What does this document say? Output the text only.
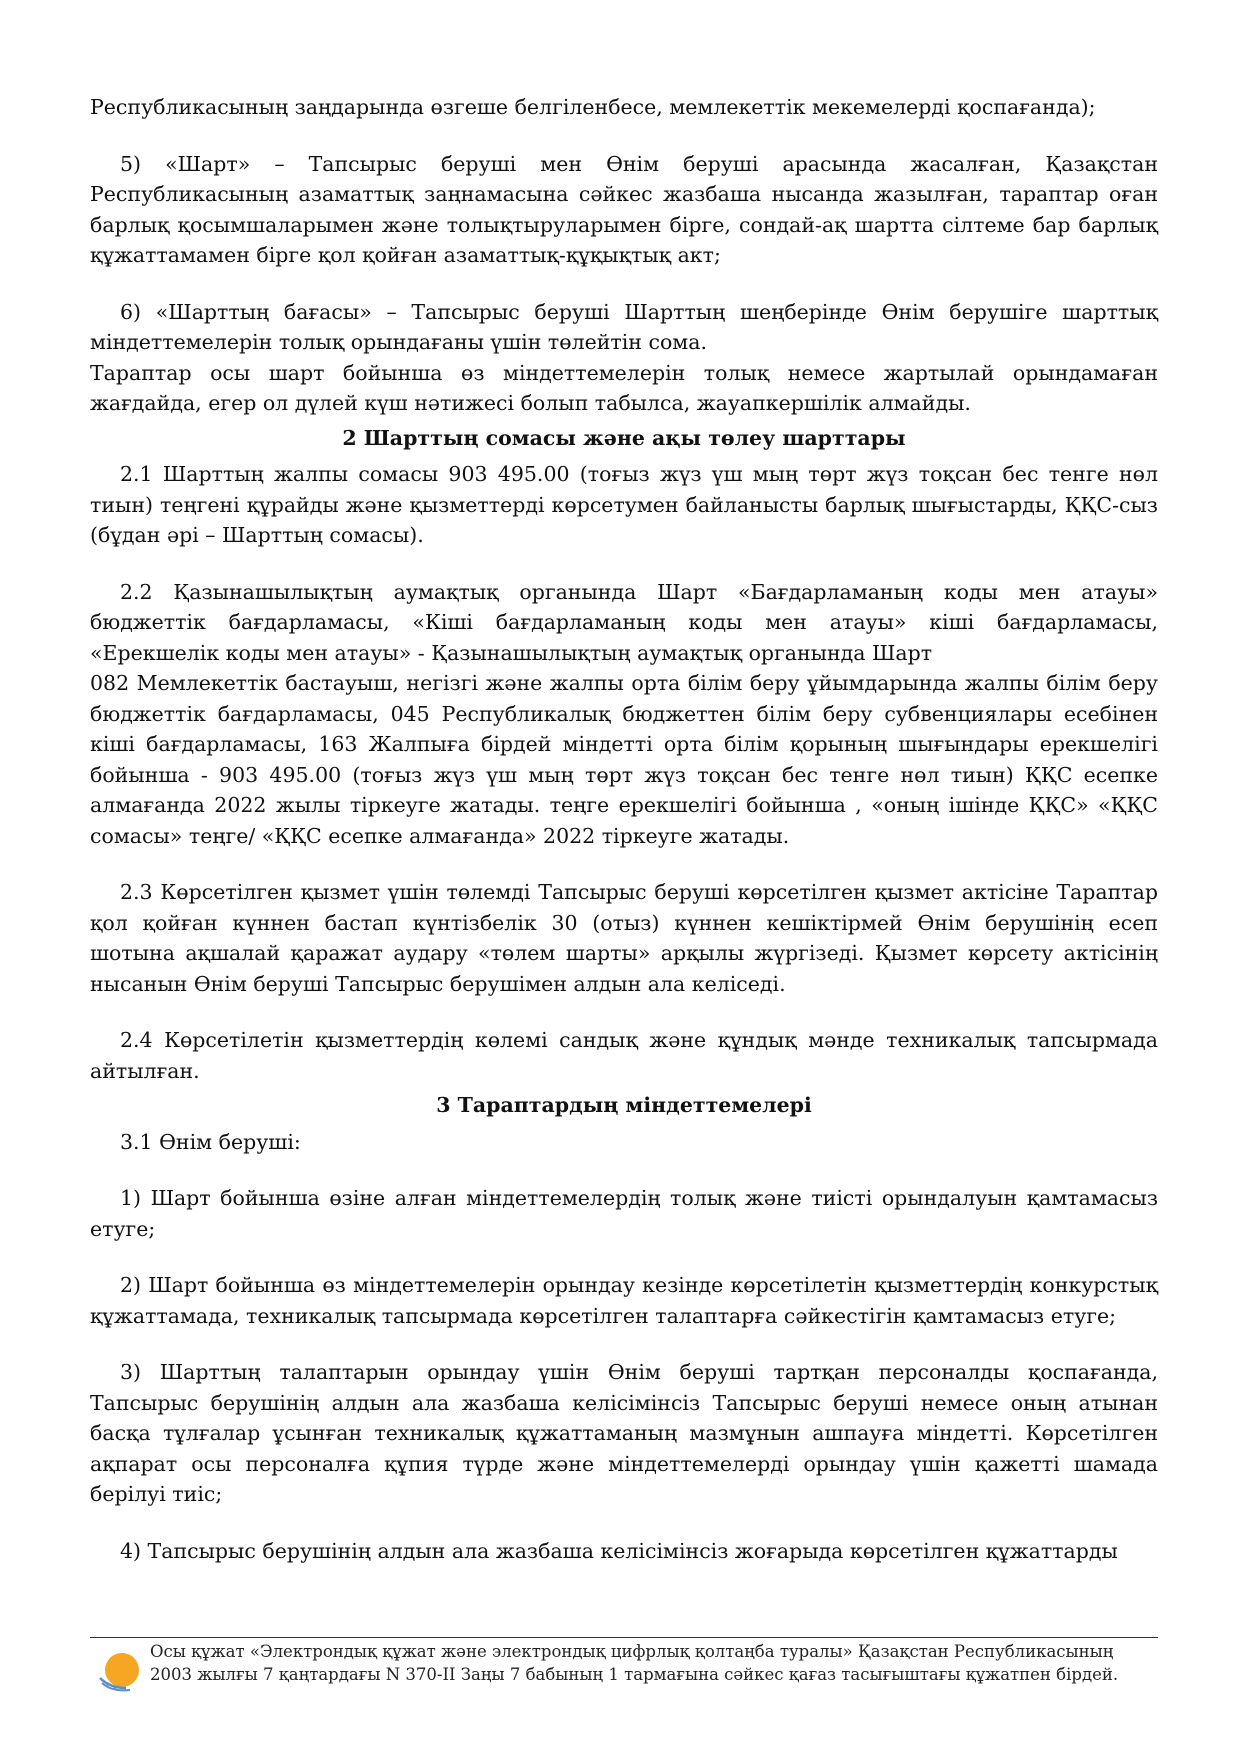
Республикасының заңдарында өзгеше белгіленбесе, мемлекеттік мекемелерді қоспағанда);

5) «Шарт» – Тапсырыс беруші мен Өнім беруші арасында жасалған, Қазақстан Республикасының азаматтық заңнамасына сәйкес жазбаша нысанда жазылған, тараптар оған барлық қосымшаларымен және толықтыруларымен бірге, сондай-ақ шартта сілтеме бар барлық құжаттамамен бірге қол қойған азаматтық-құқықтық акт;

6) «Шарттың бағасы» – Тапсырыс беруші Шарттың шеңберінде Өнім берушіге шарттық міндеттемелерін толық орындағаны үшін төлейтін сома.

Тараптар осы шарт бойынша өз міндеттемелерін толық немесе жартылай орындамаған жағдайда, егер ол дүлей күш нәтижесі болып табылса, жауапкершілік алмайды.

2 Шарттың сомасы және ақы төлеу шарттары

2.1 Шарттың жалпы сомасы 903 495.00 (тоғыз жүз үш мың төрт жүз тоқсан бес тенге нөл тиын) теңгені құрайды және қызметтерді көрсетумен байланысты барлық шығыстарды, ҚҚС-сыз (бұдан әрі – Шарттың сомасы).

2.2 Қазынашылықтың аумақтық органында Шарт «Бағдарламаның коды мен атауы» бюджеттік бағдарламасы, «Кіші бағдарламаның коды мен атауы» кіші бағдарламасы, «Ерекшелік коды мен атауы» - Қазынашылықтың аумақтық органында Шарт

082 Мемлекеттік бастауыш, негізгі және жалпы орта білім беру ұйымдарында жалпы білім беру бюджеттік бағдарламасы, 045 Республикалық бюджеттен білім беру субвенциялары есебінен кіші бағдарламасы, 163 Жалпыға бірдей міндетті орта білім қорының шығындары ерекшелігі бойынша - 903 495.00 (тоғыз жүз үш мың төрт жүз тоқсан бес тенге нөл тиын) ҚҚС есепке алмағанда 2022 жылы тіркеуге жатады. теңге ерекшелігі бойынша , «оның ішінде ҚҚС» «ҚҚС сомасы» теңге/ «ҚҚС есепке алмағанда» 2022 тіркеуге жатады.

2.3 Көрсетілген қызмет үшін төлемді Тапсырыс беруші көрсетілген қызмет актісіне Тараптар қол қойған күннен бастап күнтізбелік 30 (отыз) күннен кешіктірмей Өнім берушінің есеп шотына ақшалай қаражат аудару «төлем шарты» арқылы жүргізеді. Қызмет көрсету актісінің нысанын Өнім беруші Тапсырыс берушімен алдын ала келіседі.

2.4 Көрсетілетін қызметтердің көлемі сандық және құндық мәнде техникалық тапсырмада айтылған.

3 Тараптардың міндеттемелері

3.1 Өнім беруші:

1) Шарт бойынша өзіне алған міндеттемелердің толық және тиісті орындалуын қамтамасыз етуге;

2) Шарт бойынша өз міндеттемелерін орындау кезінде көрсетілетін қызметтердің конкурстық құжаттамада, техникалық тапсырмада көрсетілген талаптарға сәйкестігін қамтамасыз етуге;

3) Шарттың талаптарын орындау үшін Өнім беруші тартқан персоналды қоспағанда, Тапсырыс берушінің алдын ала жазбаша келісімінсіз Тапсырыс беруші немесе оның атынан басқа тұлғалар ұсынған техникалық құжаттаманың мазмұнын ашпауға міндетті. Көрсетілген ақпарат осы персоналға құпия түрде және міндеттемелерді орындау үшін қажетті шамада берілуі тиіс;

4) Тапсырыс берушінің алдын ала жазбаша келісімінсіз жоғарыда көрсетілген құжаттарды

Осы құжат «Электрондық құжат және электрондық цифрлық қолтаңба туралы» Қазақстан Республикасының 2003 жылғы 7 қаңтардағы N 370-II Заңы 7 бабының 1 тармағына сәйкес қағаз тасығыштағы құжатпен бірдей.
